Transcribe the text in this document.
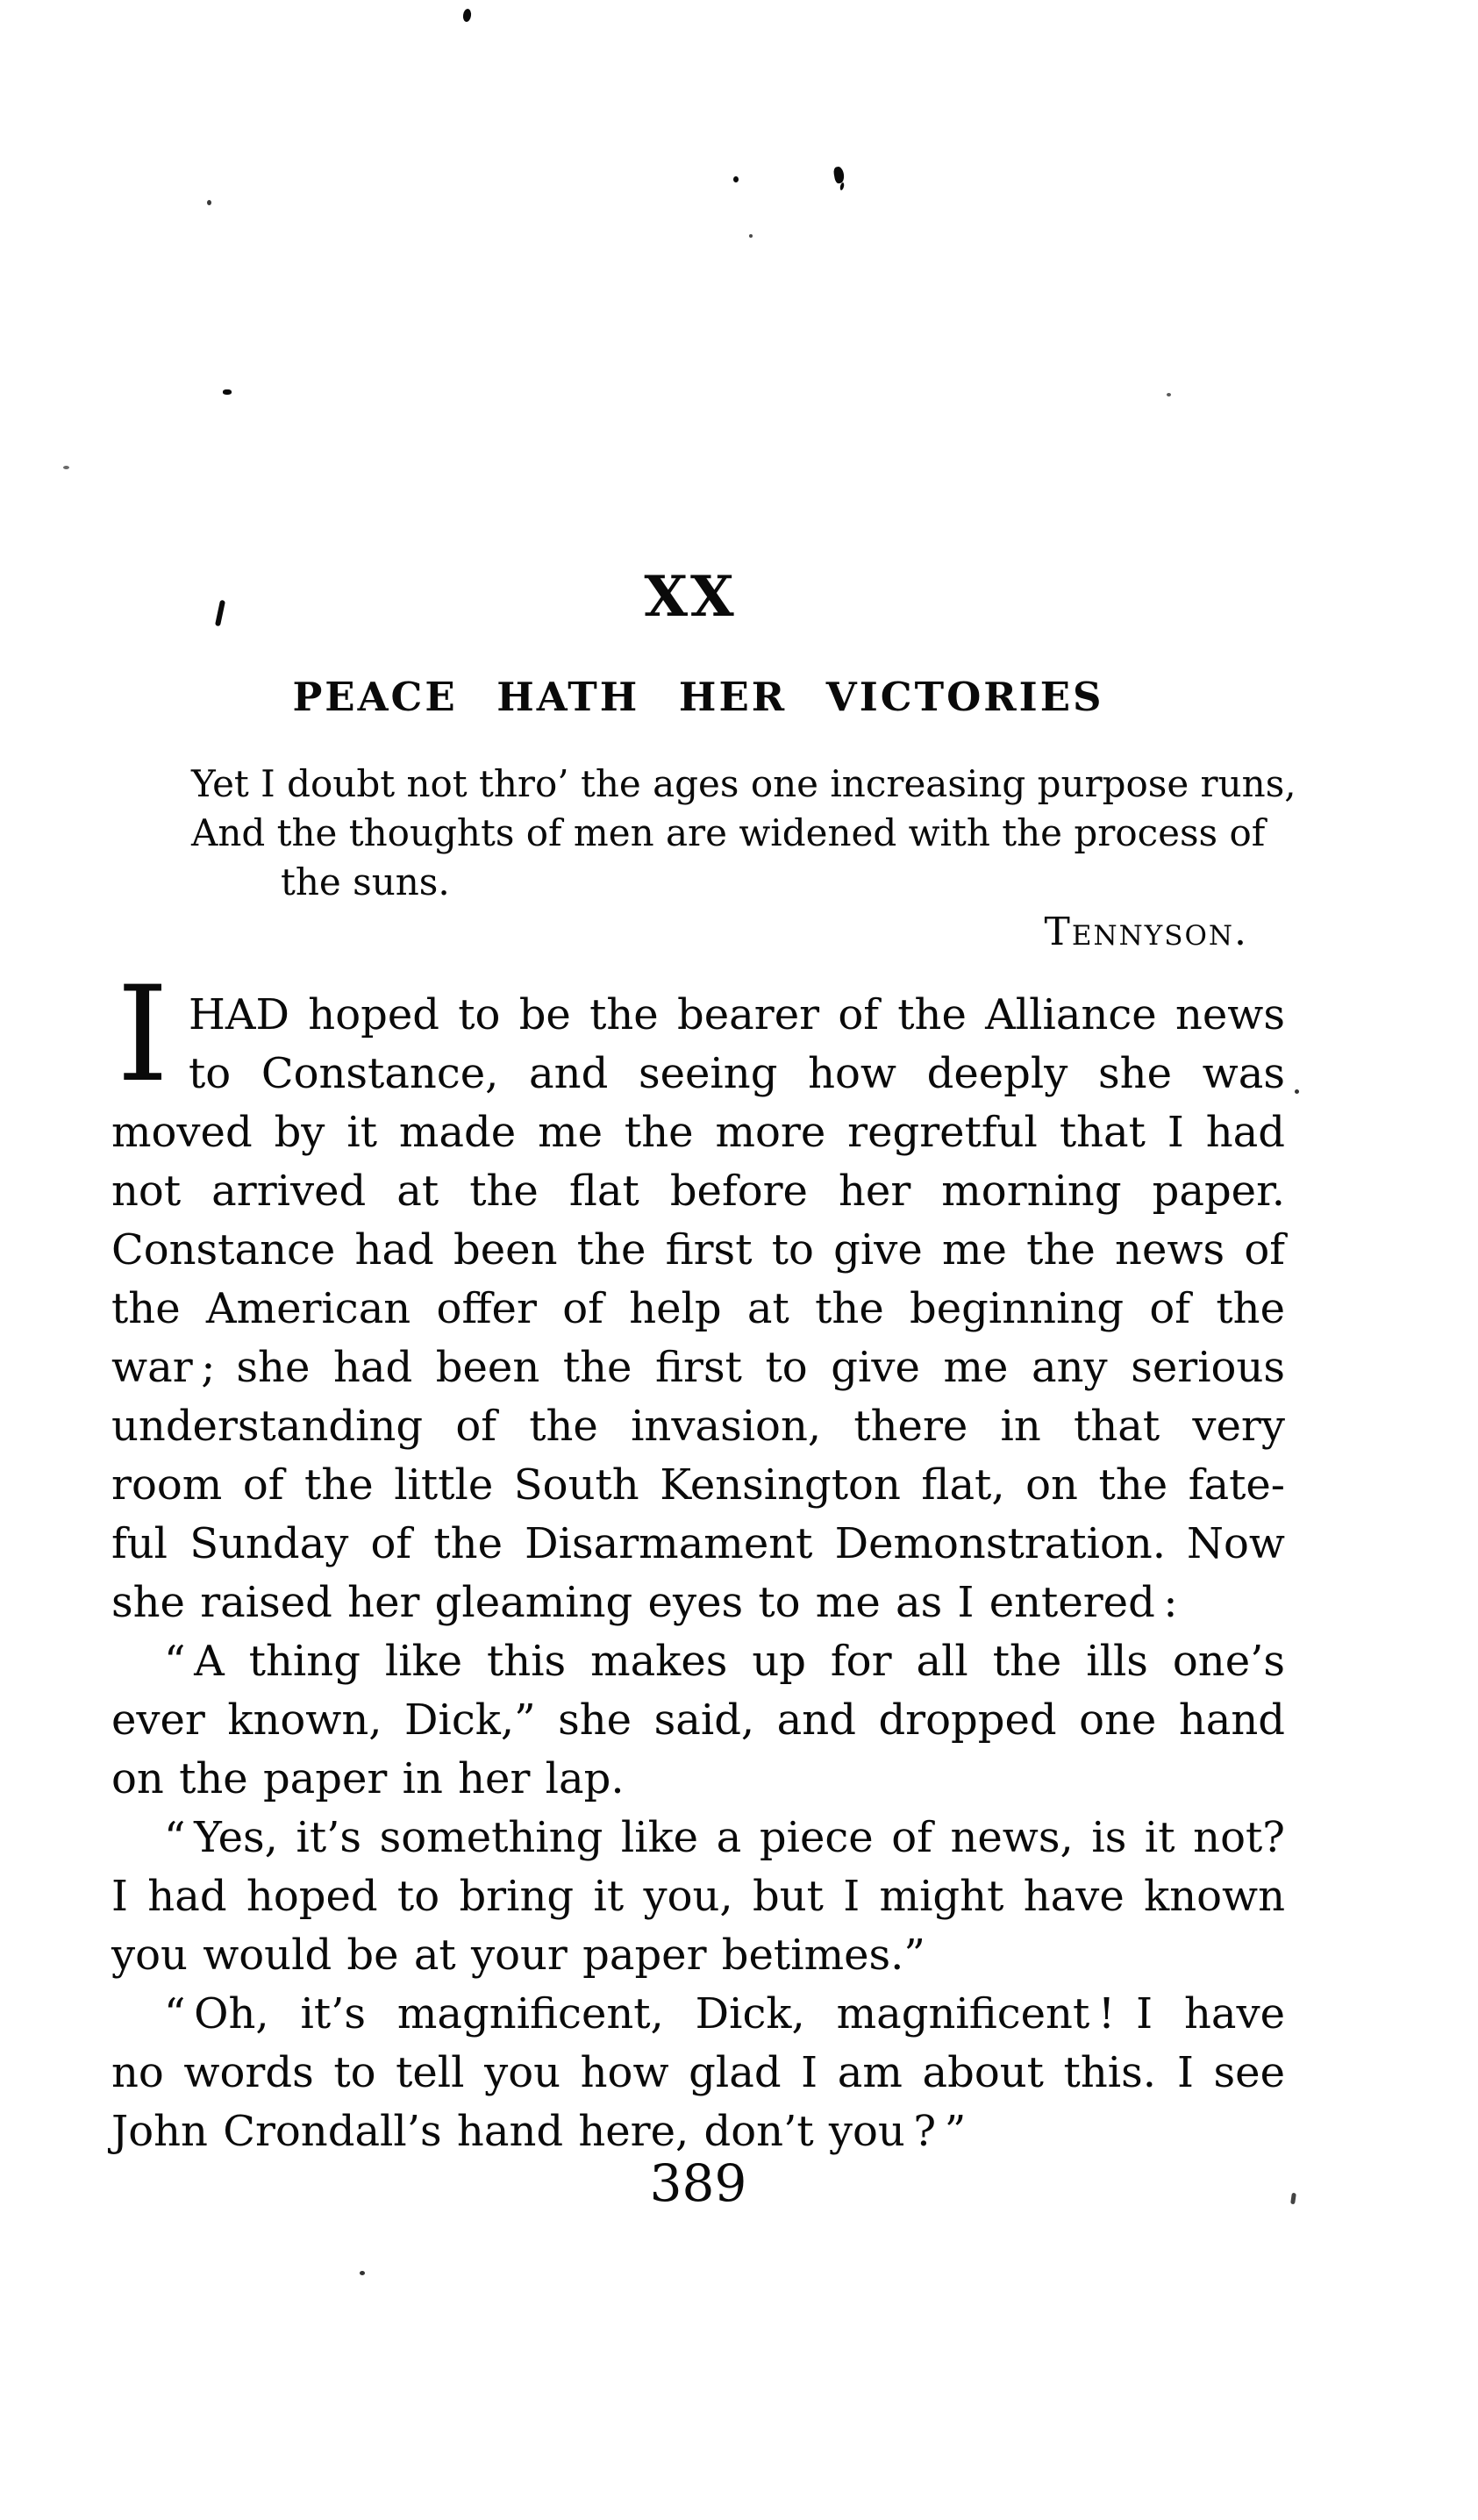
XX
PEACE HATH HER VICTORIES
Yet I doubt not thro’ the ages one increasing purpose runs,
And the thoughts of men are widened with the process of
the suns.
Tennyson.
I HAD hoped to be the bearer of the Alliance news
to Constance, and seeing how deeply she was
moved by it made me the more regretful that I had
not arrived at the flat before her morning paper.
Constance had been the first to give me the news of
the American offer of help at the beginning of the
war ; she had been the first to give me any serious
understanding of the invasion, there in that very
room of the little South Kensington flat, on the fate-
ful Sunday of the Disarmament Demonstration. Now
she raised her gleaming eyes to me as I entered :
“ A thing like this makes up for all the ills one’s
ever known, Dick,” she said, and dropped one hand
on the paper in her lap.
“ Yes, it’s something like a piece of news, is it not?
I had hoped to bring it you, but I might have known
you would be at your paper betimes.”
“ Oh, it’s magnificent, Dick, magnificent ! I have
no words to tell you how glad I am about this. I see
John Crondall’s hand here, don’t you ? ”
389
